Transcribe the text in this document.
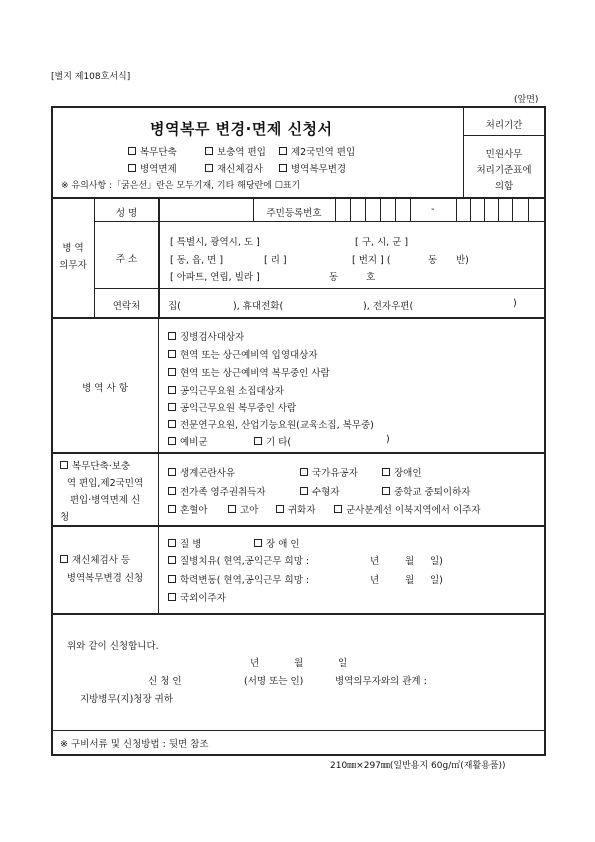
[별지 제108호서식]
(앞면)
병역복무 변경·면제 신청서
복무단축	보충역 편입	제2국민역 편입
병역면제	재신체검사	병역복무변경
※ 유의사항 :「굵은선」란은 모두기재, 기타 해당란에 ☐표기
처리기간
민원사무
처리기준표에
의함
병 역
의무자
성 명	주민등록번호	-
주 소
[ 특별시, 광역시, 도 ]	[ 구, 시, 군 ]
[ 동, 읍, 면 ]	[ 리 ]	[ 번지 ] (	동 반)
[ 아파트, 연립, 빌라 ]	동	호
연락처	집(	), 휴대전화(	), 전자우편(	)
병 역 사 항
징병검사대상자
현역 또는 상근예비역 입영대상자
현역 또는 상근예비역 복무중인 사람
공익근무요원 소집대상자
공익근무요원 복무중인 사람
전문연구요원, 산업기능요원(교육소집, 복무중)
예비군	기 타(	)
복무단축·보충
역 편입,제2국민역
편입·병역면제 신
청
생계곤란사유	국가유공자	장애인
전가족 영주권취득자	수형자	중학교 중퇴이하자
혼혈아	고아	귀화자	군사분계선 이북지역에서 이주자
재신체검사 등
병역복무변경 신청
질 병	장 애 인
질병치유( 현역,공익근무 희망 :	년	월 일)
학력변동( 현역,공익근무 희망 :	년	월 일)
국외이주자
위와 같이 신청합니다.
년	월	일
신 청 인	(서명 또는 인)	병역의무자와의 관계 :
지방병무(지)청장 귀하
※ 구비서류 및 신청방법 : 뒷면 참조
210㎜×297㎜(일반용지 60g/㎡(재활용품))
